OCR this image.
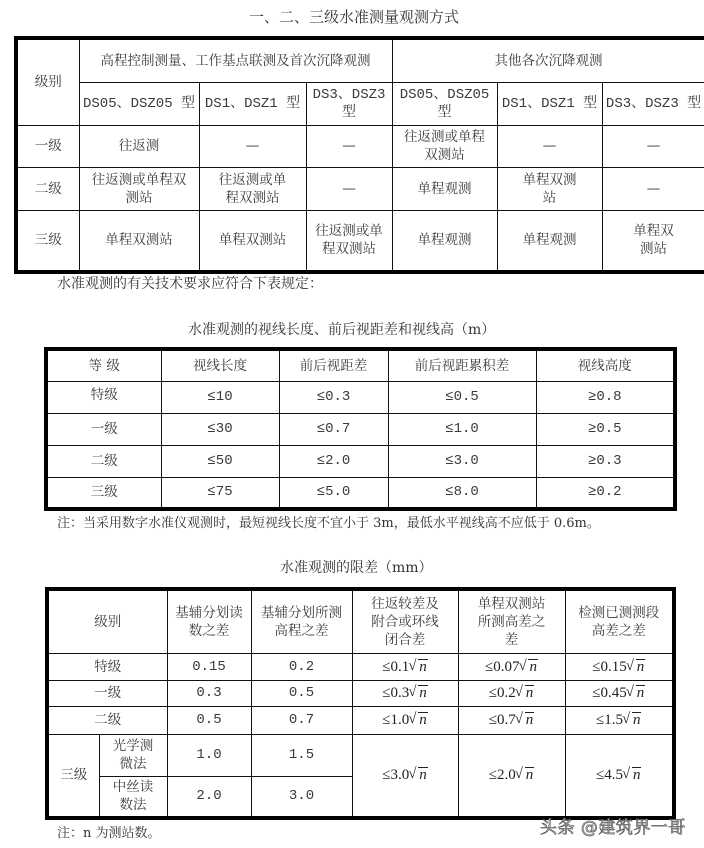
一、二、三级水准测量观测方式
级别	高程控制测量、工作基点联测及首次沉降观测			其他各次沉降观测		
	DS05、DSZ05 型	DS1、DSZ1 型	DS3、DSZ3 型	DS05、DSZ05 型	DS1、DSZ1 型	DS3、DSZ3 型
一级	往返测	—	—	往返测或单程双测站	—	—
二级	往返测或单程双测站	往返测或单程双测站	—	单程观测	单程双测站	—
三级	单程双测站	单程双测站	往返测或单程双测站	单程观测	单程观测	单程双测站
水准观测的有关技术要求应符合下表规定：
水准观测的视线长度、前后视距差和视线高（m）
等 级	视线长度	前后视距差	前后视距累积差	视线高度
特级	≤10	≤0.3	≤0.5	≥0.8
一级	≤30	≤0.7	≤1.0	≥0.5
二级	≤50	≤2.0	≤3.0	≥0.3
三级	≤75	≤5.0	≤8.0	≥0.2
注：当采用数字水准仪观测时，最短视线长度不宜小于 3m，最低水平视线高不应低于 0.6m。
水准观测的限差（mm）
级别		基辅分划读数之差	基辅分划所测高程之差	往返较差及附合或环线闭合差	单程双测站所测高差之差	检测已测测段高差之差
特级		0.15	0.2	≤0.1 √ n	≤0.07 √ n	≤0.15 √ n
一级		0.3	0.5	≤0.3 √ n	≤0.2 √ n	≤0.45 √ n
二级		0.5	0.7	≤1.0 √ n	≤0.7 √ n	≤1.5 √ n
三级	光学测微法	1.0	1.5	≤3.0 √ n	≤2.0 √ n	≤4.5 √ n
	中丝读数法	2.0	3.0			
注：n 为测站数。	头条 @建筑界一哥
